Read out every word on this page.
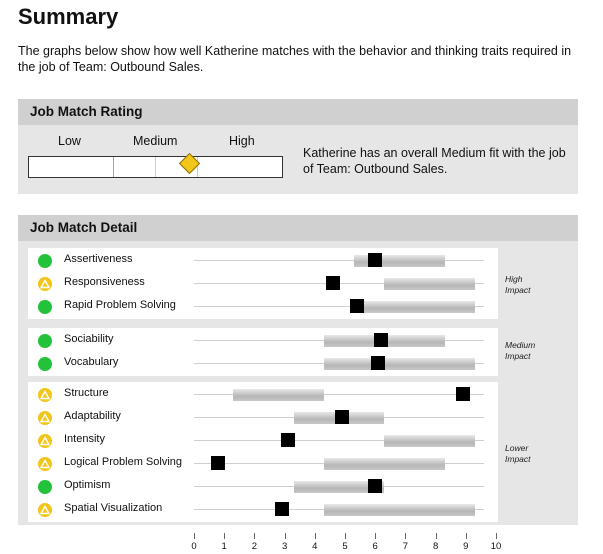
Summary
The graphs below show how well Katherine matches with the behavior and thinking traits required in the job of Team: Outbound Sales.
Job Match Rating
Low	Medium	High
Katherine has an overall Medium fit with the job of Team: Outbound Sales.
Job Match Detail
Assertiveness
Responsiveness
Rapid Problem Solving
High
Impact
Sociability
Vocabulary
Medium
Impact
Structure
Adaptability
Intensity
Logical Problem Solving
Optimism
Spatial Visualization
Lower
Impact
0	1	2	3	4	5	6	7	8	9	10
